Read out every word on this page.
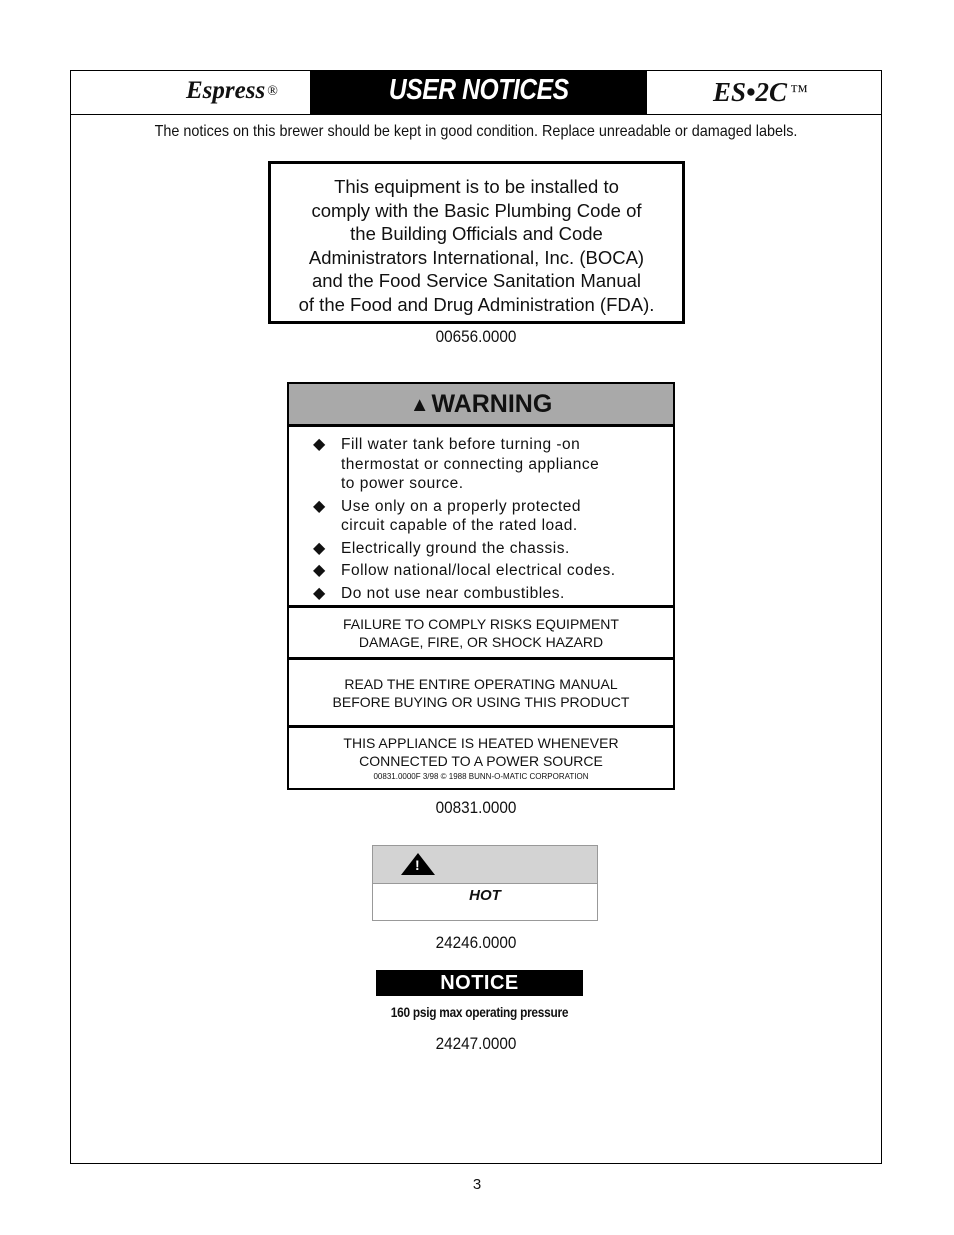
Espress ®	USER NOTICES	ES•2C ™
The notices on this brewer should be kept in good condition. Replace unreadable or damaged labels.
This equipment is to be installed to
comply with the Basic Plumbing Code of
the Building Officials and Code
Administrators International, Inc. (BOCA)
and the Food Service Sanitation Manual
of the Food and Drug Administration (FDA).
00656.0000
▲WARNING
◆ Fill water tank before turning -on
thermostat or connecting appliance
to power source.
◆ Use only on a properly protected
circuit capable of the rated load.
◆ Electrically ground the chassis.
◆ Follow national/local electrical codes.
◆ Do not use near combustibles.
FAILURE TO COMPLY RISKS EQUIPMENT
DAMAGE, FIRE, OR SHOCK HAZARD
READ THE ENTIRE OPERATING MANUAL
BEFORE BUYING OR USING THIS PRODUCT
THIS APPLIANCE IS HEATED WHENEVER
CONNECTED TO A POWER SOURCE
00831.0000F 3/98 © 1988 BUNN-O-MATIC CORPORATION
00831.0000
!
HOT
24246.0000
NOTICE
160 psig max operating pressure
24247.0000
3
